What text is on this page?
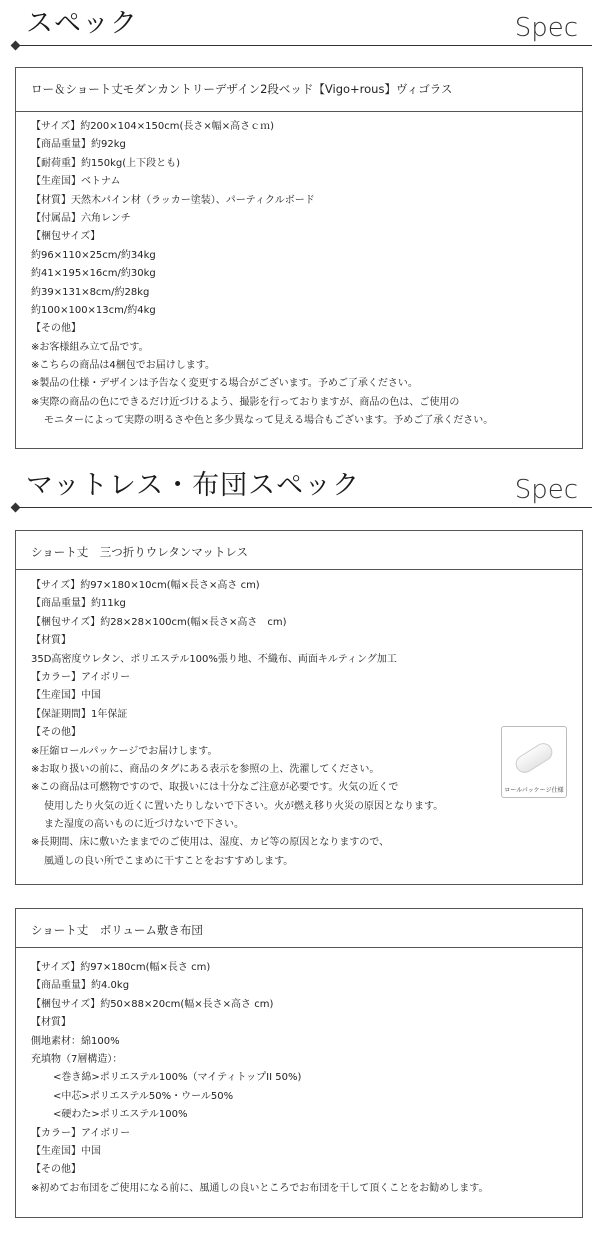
スペック	Spec
ロー＆ショート丈モダンカントリーデザイン2段ベッド【Vigo+rous】ヴィゴラス
【サイズ】約200×104×150cm(長さ×幅×高さｃｍ)
【商品重量】約92kg
【耐荷重】約150kg(上下段とも)
【生産国】ベトナム
【材質】天然木パイン材（ラッカー塗装）、パーティクルボード
【付属品】六角レンチ
【梱包サイズ】
約96×110×25cm/約34kg
約41×195×16cm/約30kg
約39×131×8cm/約28kg
約100×100×13cm/約4kg
【その他】
※お客様組み立て品です。
※こちらの商品は4梱包でお届けします。
※製品の仕様・デザインは予告なく変更する場合がございます。予めご了承ください。
※実際の商品の色にできるだけ近づけるよう、撮影を行っておりますが、商品の色は、ご使用の
モニターによって実際の明るさや色と多少異なって見える場合もございます。予めご了承ください。
マットレス・布団スペック	Spec
ショート丈　三つ折りウレタンマットレス
【サイズ】約97×180×10cm(幅×長さ×高さ cm)
【商品重量】約11kg
【梱包サイズ】約28×28×100cm(幅×長さ×高さ　cm)
【材質】
35D高密度ウレタン、ポリエステル100%張り地、不織布、両面キルティング加工
【カラー】アイボリー
【生産国】中国
【保証期間】1年保証
【その他】
※圧縮ロールパッケージでお届けします。
※お取り扱いの前に、商品のタグにある表示を参照の上、洗濯してください。
※この商品は可燃物ですので、取扱いには十分なご注意が必要です。火気の近くで
使用したり火気の近くに置いたりしないで下さい。火が燃え移り火災の原因となります。
また湿度の高いものに近づけないで下さい。
※長期間、床に敷いたままでのご使用は、湿度、カビ等の原因となりますので、
風通しの良い所でこまめに干すことをおすすめします。
ロールパッケージ仕様
ショート丈　ボリューム敷き布団
【サイズ】約97×180cm(幅×長さ cm)
【商品重量】約4.0kg
【梱包サイズ】約50×88×20cm(幅×長さ×高さ cm)
【材質】
側地素材：綿100%
充填物（7層構造）：
<巻き綿>ポリエステル100%（マイティトップII 50%)
<中芯>ポリエステル50%・ウール50%
<硬わた>ポリエステル100%
【カラー】アイボリー
【生産国】中国
【その他】
※初めてお布団をご使用になる前に、風通しの良いところでお布団を干して頂くことをお勧めします。
